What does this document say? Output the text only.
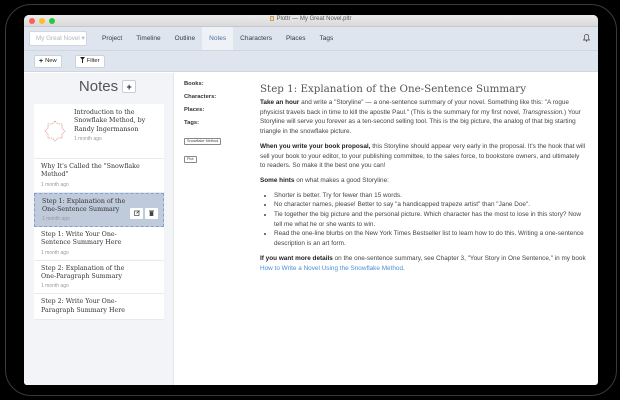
Plottr — My Great Novel.pltr
My Great Novel ▾	Project	Timeline	Outline	Notes	Characters	Places	Tags
+ New	Filter
Notes +
Introduction to the Snowflake Method, by Randy Ingermanson
1 month ago
Why It's Called the "Snowflake Method"
1 month ago
Step 1: Explanation of the One-Sentence Summary
1 month ago
Step 1: Write Your One-Sentence Summary Here
1 month ago
Step 2: Explanation of the One-Paragraph Summary
1 month ago
Step 2: Write Your One-Paragraph Summary Here
Books:
Characters:
Places:
Tags:
Snowflake Method
Plot
Step 1: Explanation of the One-Sentence Summary

Take an hour and write a "Storyline" — a one-sentence summary of your novel. Something like this: "A rogue physicist travels back in time to kill the apostle Paul." (This is the summary for my first novel, Transgression.) Your Storyline will serve you forever as a ten-second selling tool. This is the big picture, the analog of that big starting triangle in the snowflake picture.

When you write your book proposal, this Storyline should appear very early in the proposal. It's the hook that will sell your book to your editor, to your publishing committee, to the sales force, to bookstore owners, and ultimately to readers. So make it the best one you can!

Some hints on what makes a good Storyline:

• Shorter is better. Try for fewer than 15 words.
• No character names, please! Better to say "a handicapped trapeze artist" than "Jane Doe".
• Tie together the big picture and the personal picture. Which character has the most to lose in this story? Now tell me what he or she wants to win.
• Read the one-line blurbs on the New York Times Bestseller list to learn how to do this. Writing a one-sentence description is an art form.

If you want more details on the one-sentence summary, see Chapter 3, "Your Story in One Sentence," in my book How to Write a Novel Using the Snowflake Method.
